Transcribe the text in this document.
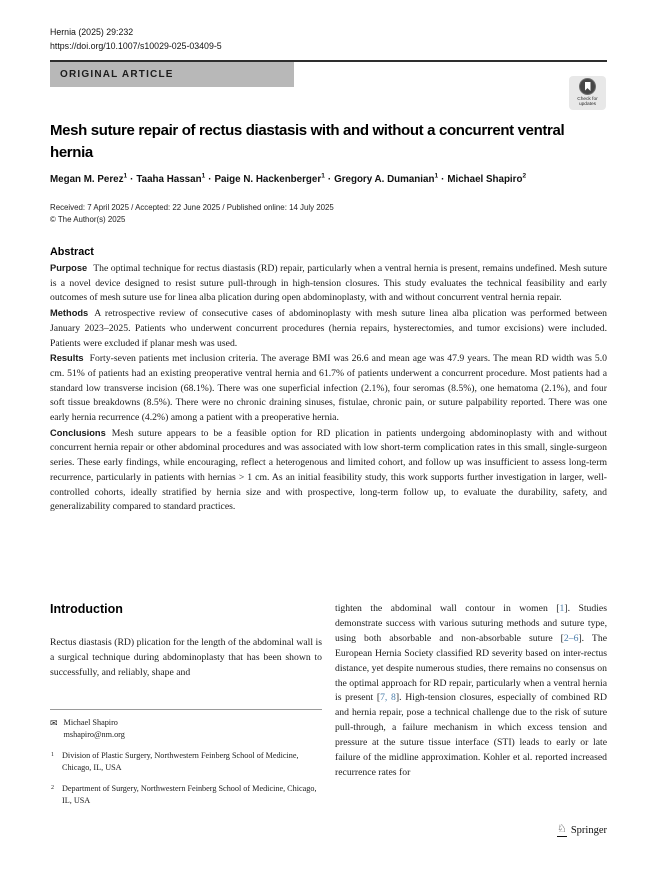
Hernia (2025) 29:232
https://doi.org/10.1007/s10029-025-03409-5
ORIGINAL ARTICLE
Check for
updates
Mesh suture repair of rectus diastasis with and without a concurrent ventral hernia
Megan M. Perez$^1$ · Taaha Hassan$^1$ · Paige N. Hackenberger$^1$ · Gregory A. Dumanian$^1$ · Michael Shapiro$^2$
Received: 7 April 2025 / Accepted: 22 June 2025 / Published online: 14 July 2025
© The Author(s) 2025
Abstract

Purpose The optimal technique for rectus diastasis (RD) repair, particularly when a ventral hernia is present, remains undefined. Mesh suture is a novel device designed to resist suture pull-through in high-tension closures. This study evaluates the technical feasibility and early outcomes of mesh suture use for linea alba plication during open abdominoplasty, with and without concurrent ventral hernia repair.

Methods A retrospective review of consecutive cases of abdominoplasty with mesh suture linea alba plication was performed between January 2023–2025. Patients who underwent concurrent procedures (hernia repairs, hysterectomies, and tumor excisions) were included. Patients were excluded if planar mesh was used.

Results Forty-seven patients met inclusion criteria. The average BMI was 26.6 and mean age was 47.9 years. The mean RD width was 5.0 cm. 51% of patients had an existing preoperative ventral hernia and 61.7% of patients underwent a concurrent procedure. Most patients had a standard low transverse incision (68.1%). There was one superficial infection (2.1%), four seromas (8.5%), one hematoma (2.1%), and four soft tissue breakdowns (8.5%). There were no chronic draining sinuses, fistulae, chronic pain, or suture palpability reported. There was one early hernia recurrence (4.2%) among a patient with a preoperative hernia.

Conclusions Mesh suture appears to be a feasible option for RD plication in patients undergoing abdominoplasty with and without concurrent hernia repair or other abdominal procedures and was associated with low short-term complication rates in this small, single-surgeon series. These early findings, while encouraging, reflect a heterogenous and limited cohort, and follow up was insufficient to assess long-term recurrence, particularly in patients with hernias > 1 cm. As an initial feasibility study, this work supports further investigation in larger, well-controlled cohorts, ideally stratified by hernia size and with prospective, long-term follow up, to evaluate the durability, safety, and generalizability compared to standard practices.

Introduction

Rectus diastasis (RD) plication for the length of the abdominal wall is a surgical technique during abdominoplasty that has been shown to successfully, and reliably, shape and

tighten the abdominal wall contour in women [1]. Studies demonstrate success with various suturing methods and suture type, using both absorbable and non-absorbable suture [2–6]. The European Hernia Society classified RD severity based on inter-rectus distance, yet despite numerous studies, there remains no consensus on the optimal approach for RD repair, particularly when a ventral hernia is present [7, 8]. High-tension closures, especially of combined RD and hernia repair, pose a technical challenge due to the risk of suture pull-through, a failure mechanism in which excess tension and pressure at the suture tissue interface (STI) leads to early or late failure of the midline approximation. Kohler et al. reported increased recurrence rates for

✉ Michael Shapiro
mshapiro@nm.org
1 Division of Plastic Surgery, Northwestern Feinberg School of Medicine, Chicago, IL, USA
2 Department of Surgery, Northwestern Feinberg School of Medicine, Chicago, IL, USA
♘ Springer
